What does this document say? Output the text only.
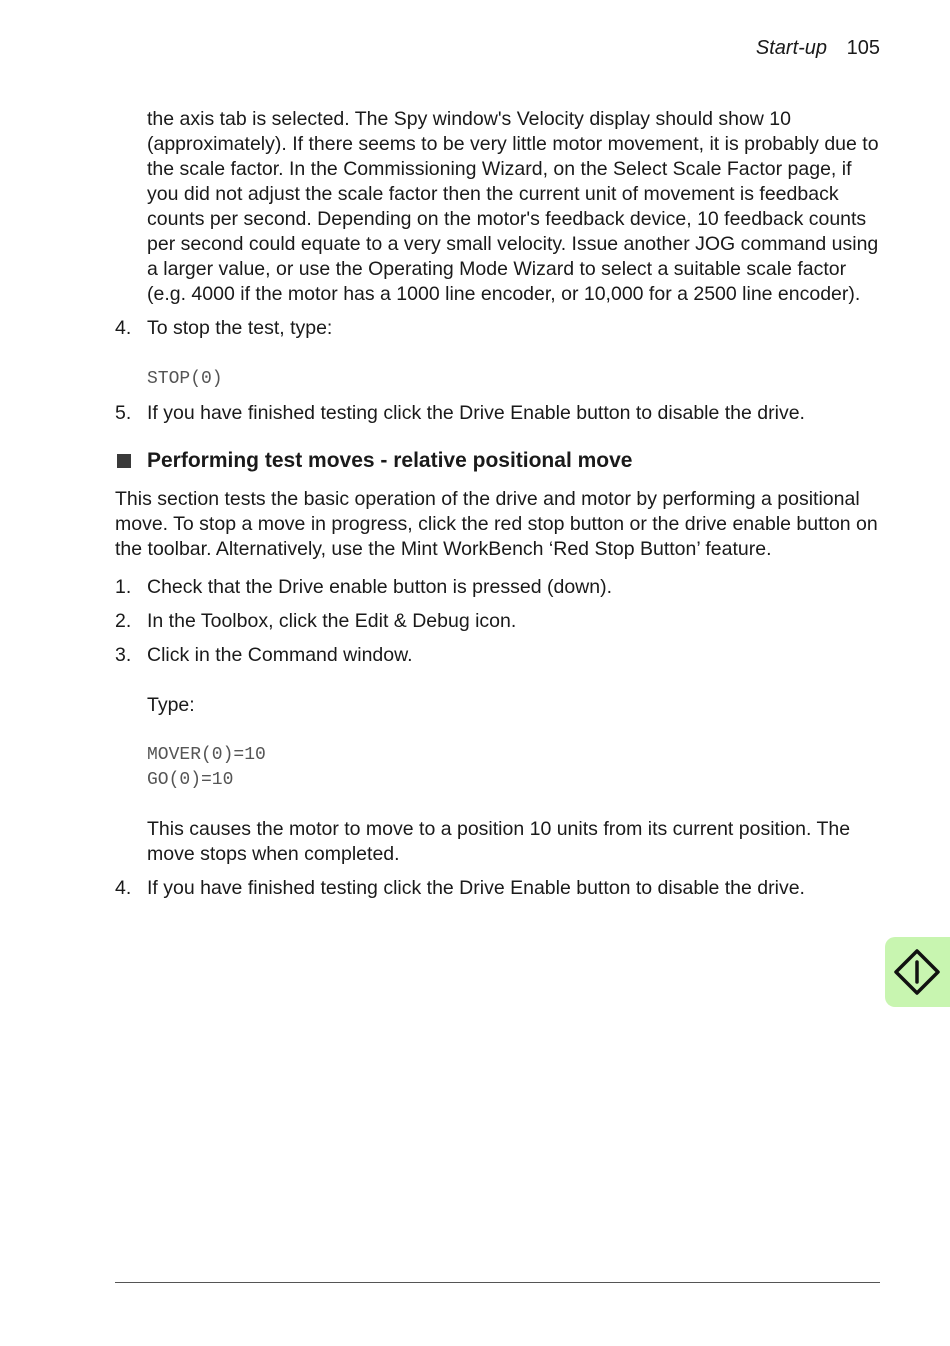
Start-up 105

the axis tab is selected. The Spy window's Velocity display should show 10 (approximately). If there seems to be very little motor movement, it is probably due to the scale factor. In the Commissioning Wizard, on the Select Scale Factor page, if you did not adjust the scale factor then the current unit of movement is feedback counts per second. Depending on the motor's feedback device, 10 feedback counts per second could equate to a very small velocity. Issue another JOG command using a larger value, or use the Operating Mode Wizard to select a suitable scale factor (e.g. 4000 if the motor has a 1000 line encoder, or 10,000 for a 2500 line encoder).

4. To stop the test, type:
STOP(0)
5. If you have finished testing click the Drive Enable button to disable the drive.
Performing test moves - relative positional move

This section tests the basic operation of the drive and motor by performing a positional move. To stop a move in progress, click the red stop button or the drive enable button on the toolbar. Alternatively, use the Mint WorkBench ‘Red Stop Button’ feature.

1. Check that the Drive enable button is pressed (down).
2. In the Toolbox, click the Edit & Debug icon.
3. Click in the Command window.

Type:

MOVER(0)=10
GO(0)=10

This causes the motor to move to a position 10 units from its current position. The move stops when completed.

4. If you have finished testing click the Drive Enable button to disable the drive.
